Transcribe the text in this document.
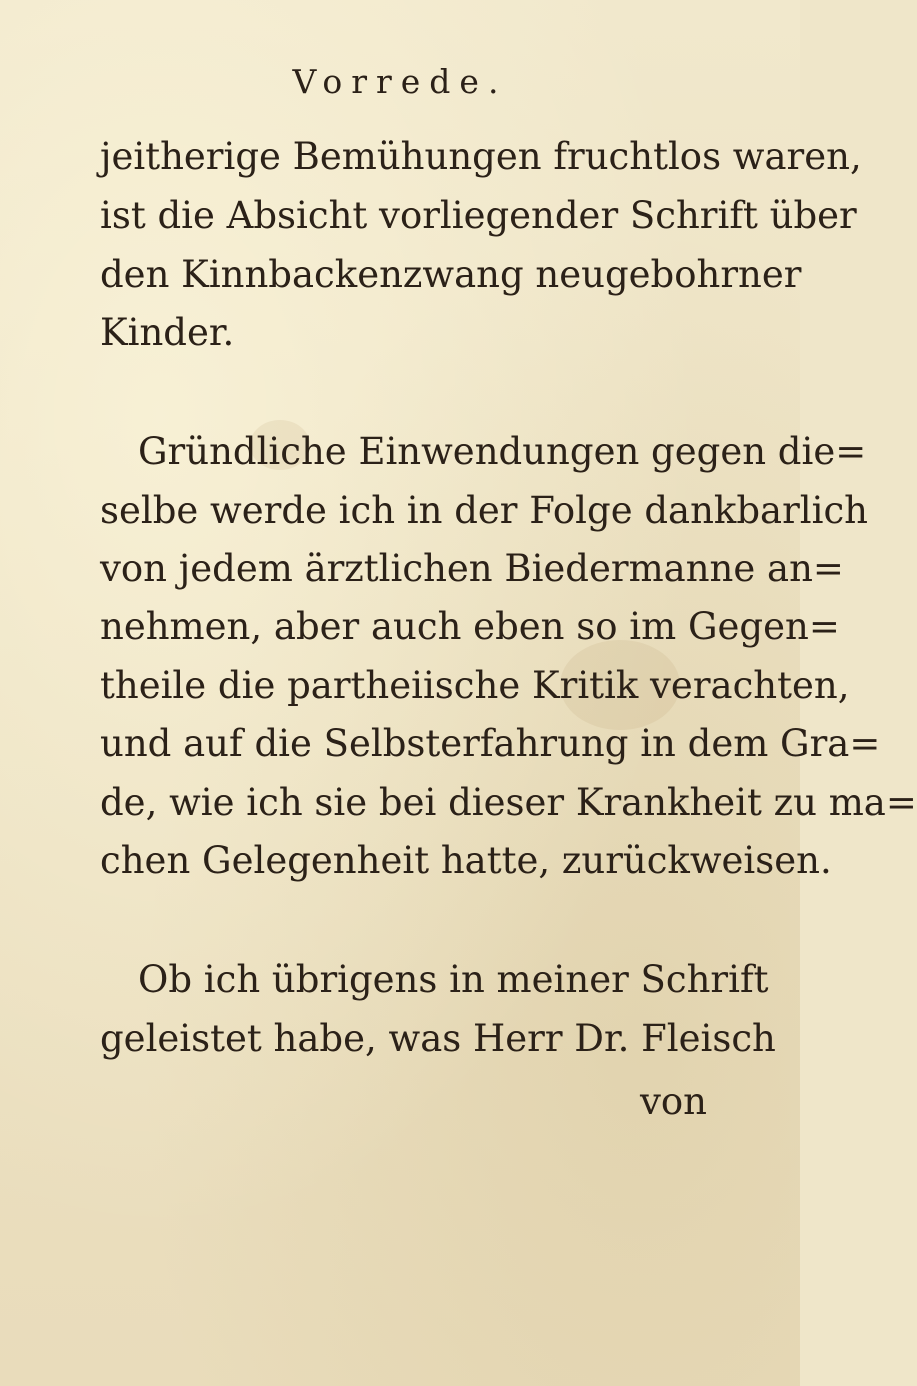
Vorrede.
jeitherige Bemühungen fruchtlos waren,
ist die Absicht vorliegender Schrift über
den Kinnbackenzwang neugebohrner
Kinder.
Gründliche Einwendungen gegen die=
selbe werde ich in der Folge dankbarlich
von jedem ärztlichen Biedermanne an=
nehmen, aber auch eben so im Gegen=
theile die partheiische Kritik verachten,
und auf die Selbsterfahrung in dem Gra=
de, wie ich sie bei dieser Krankheit zu ma=
chen Gelegenheit hatte, zurückweisen.
Ob ich übrigens in meiner Schrift
geleistet habe, was Herr Dr. Fleisch
von
